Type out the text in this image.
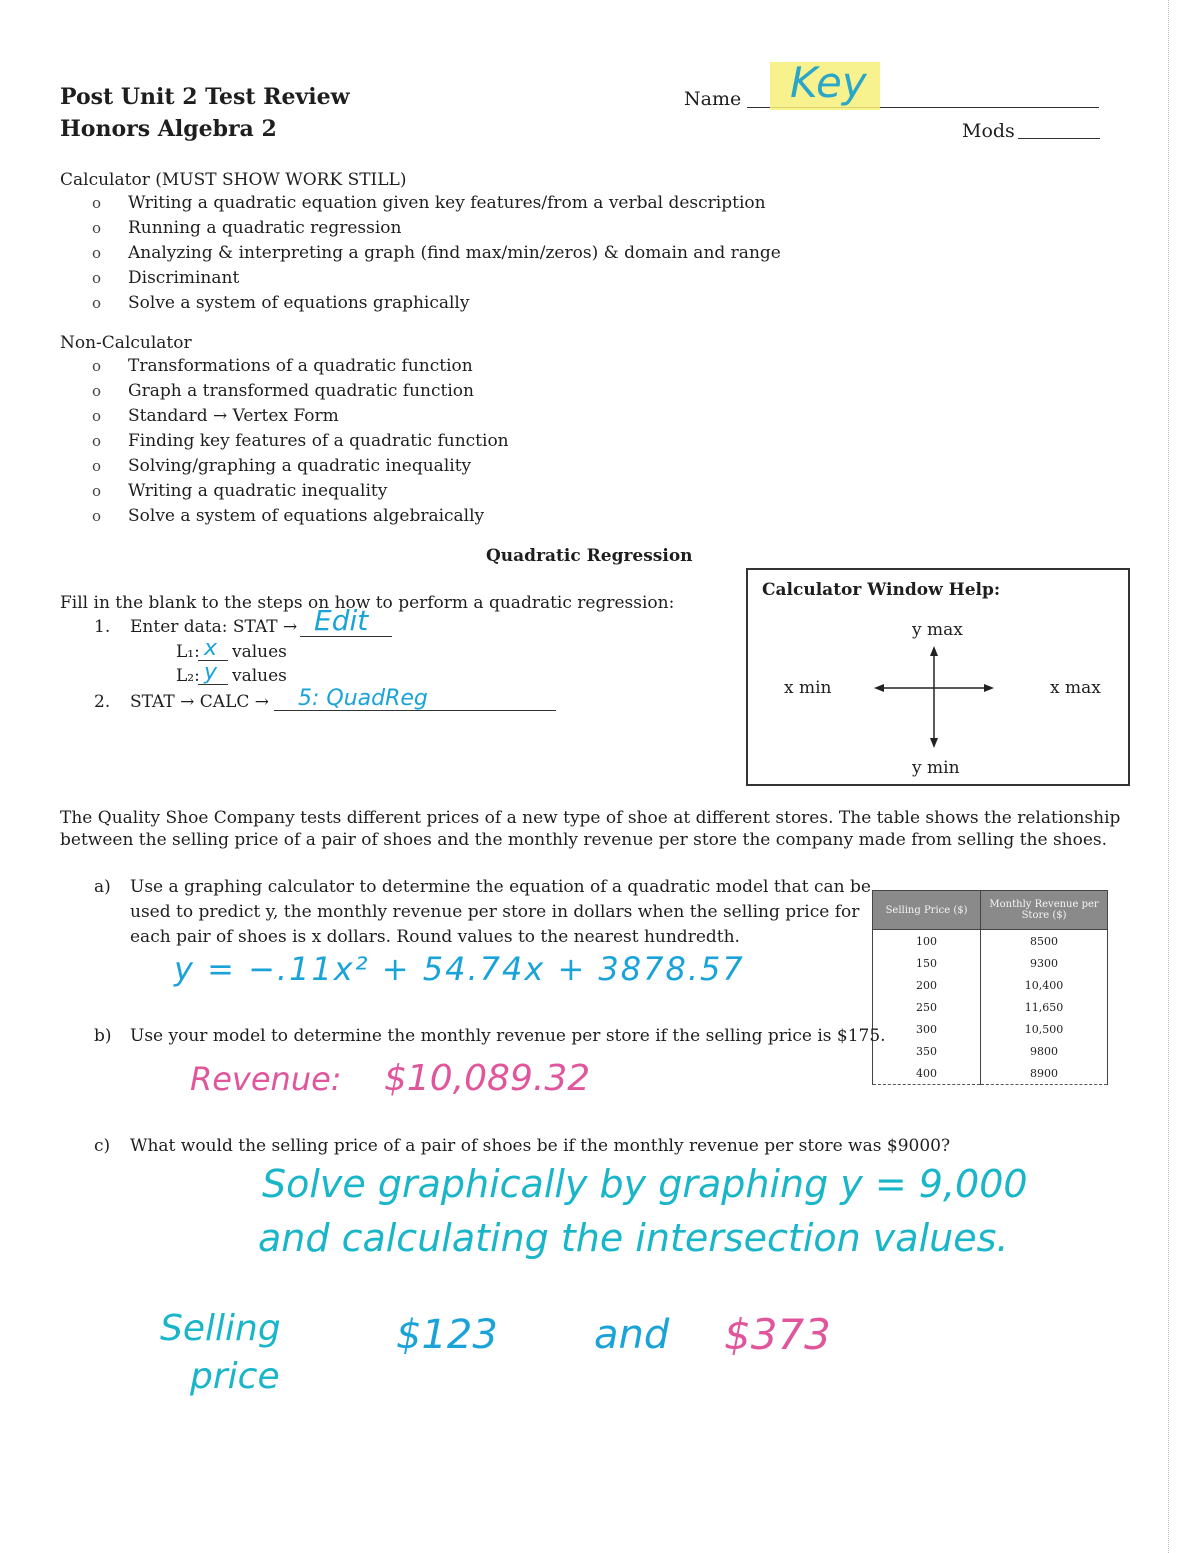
Post Unit 2 Test Review
Honors Algebra 2
Name Key
Mods
Calculator (MUST SHOW WORK STILL)
o	Writing a quadratic equation given key features/from a verbal description
o	Running a quadratic regression
o	Analyzing & interpreting a graph (find max/min/zeros) & domain and range
o	Discriminant
o	Solve a system of equations graphically
Non-Calculator
o	Transformations of a quadratic function
o	Graph a transformed quadratic function
o	Standard → Vertex Form
o	Finding key features of a quadratic function
o	Solving/graphing a quadratic inequality
o	Writing a quadratic inequality
o	Solve a system of equations algebraically
Quadratic Regression
Fill in the blank to the steps on how to perform a quadratic regression:
1. Enter data: STAT → Edit
L₁: x values
L₂: y values
2. STAT → CALC → 5: QuadReg
Calculator Window Help:
y max
y min
x min	x max
The Quality Shoe Company tests different prices of a new type of shoe at different stores. The table shows the relationship
between the selling price of a pair of shoes and the monthly revenue per store the company made from selling the shoes.
a) Use a graphing calculator to determine the equation of a quadratic model that can be
used to predict y, the monthly revenue per store in dollars when the selling price for
each pair of shoes is x dollars. Round values to the nearest hundredth.
y = −.11x² + 54.74x + 3878.57
Selling Price ($)	Monthly Revenue per Store ($)
100	8500
150	9300
200	10,400
250	11,650
300	10,500
350	9800
400	8900
b) Use your model to determine the monthly revenue per store if the selling price is $175.
Revenue: $10,089.32
c) What would the selling price of a pair of shoes be if the monthly revenue per store was $9000?
Solve graphically by graphing y = 9,000
and calculating the intersection values.
Selling
price
$123 and $373
